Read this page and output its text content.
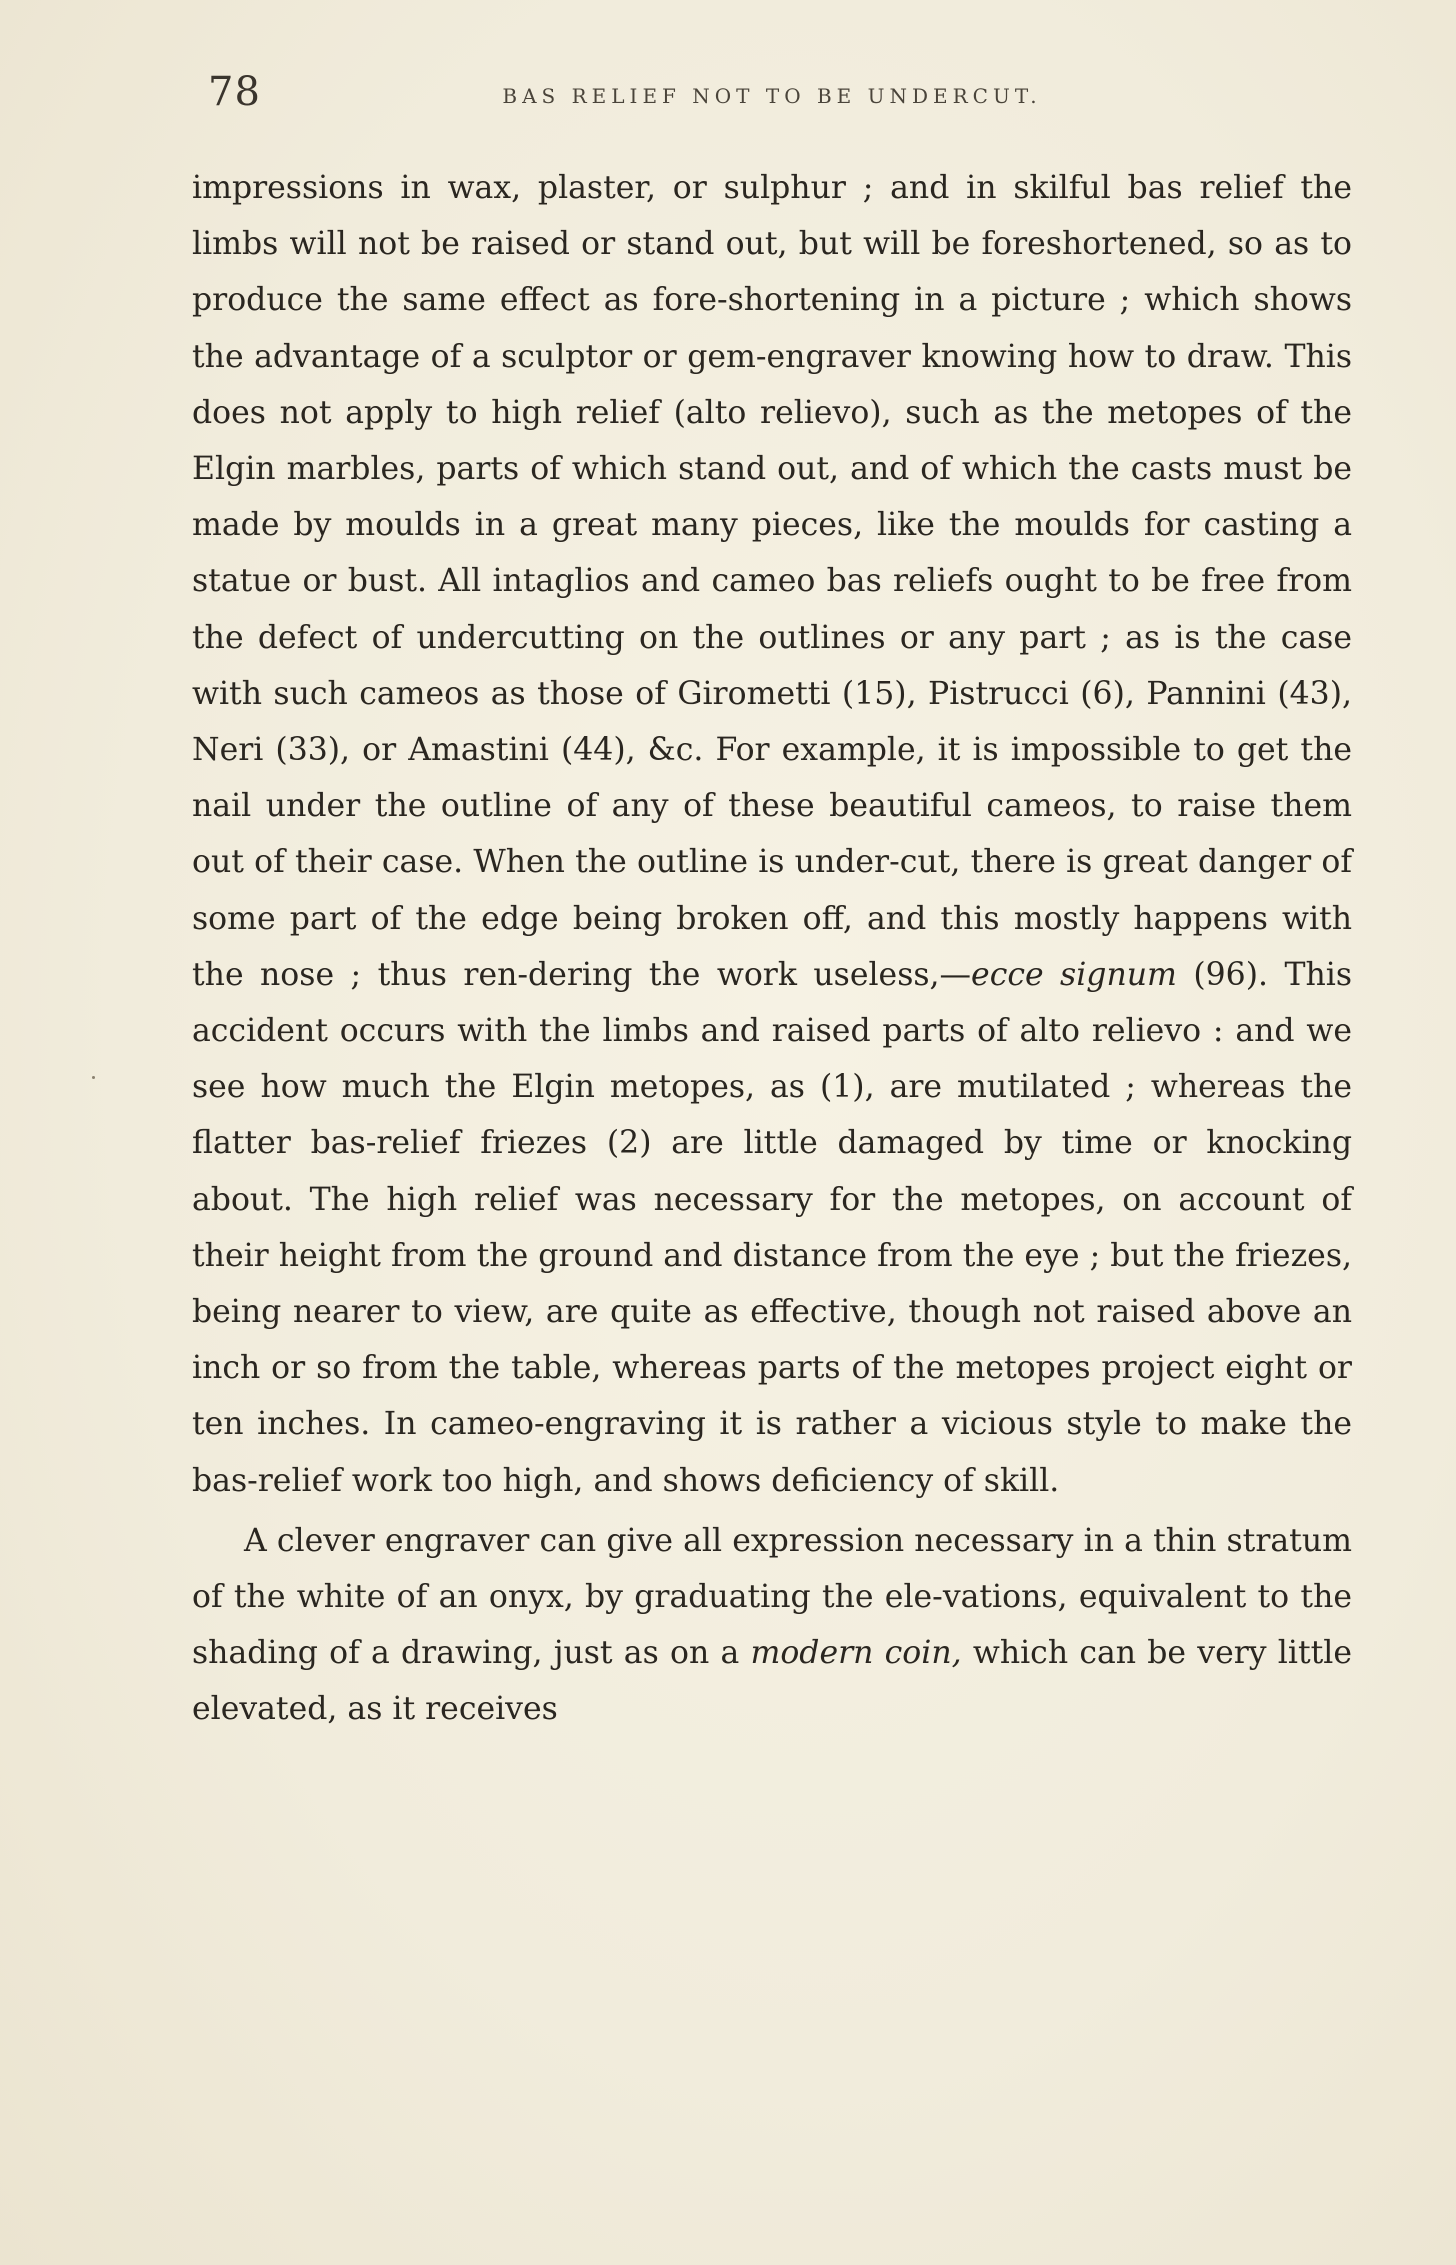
78	BAS RELIEF NOT TO BE UNDERCUT.

impressions in wax, plaster, or sulphur ; and in skilful bas relief the limbs will not be raised or stand out, but will be foreshortened, so as to produce the same effect as fore-shortening in a picture ; which shows the advantage of a sculptor or gem-engraver knowing how to draw. This does not apply to high relief (alto relievo), such as the metopes of the Elgin marbles, parts of which stand out, and of which the casts must be made by moulds in a great many pieces, like the moulds for casting a statue or bust. All intaglios and cameo bas reliefs ought to be free from the defect of undercutting on the outlines or any part ; as is the case with such cameos as those of Girometti (15), Pistrucci (6), Pannini (43), Neri (33), or Amastini (44), &c. For example, it is impossible to get the nail under the outline of any of these beautiful cameos, to raise them out of their case. When the outline is under-cut, there is great danger of some part of the edge being broken off, and this mostly happens with the nose ; thus ren-dering the work useless,—ecce signum (96). This accident occurs with the limbs and raised parts of alto relievo : and we see how much the Elgin metopes, as (1), are mutilated ; whereas the flatter bas-relief friezes (2) are little damaged by time or knocking about. The high relief was necessary for the metopes, on account of their height from the ground and distance from the eye ; but the friezes, being nearer to view, are quite as effective, though not raised above an inch or so from the table, whereas parts of the metopes project eight or ten inches. In cameo-engraving it is rather a vicious style to make the bas-relief work too high, and shows deficiency of skill.

A clever engraver can give all expression necessary in a thin stratum of the white of an onyx, by graduating the ele-vations, equivalent to the shading of a drawing, just as on a modern coin, which can be very little elevated, as it receives
